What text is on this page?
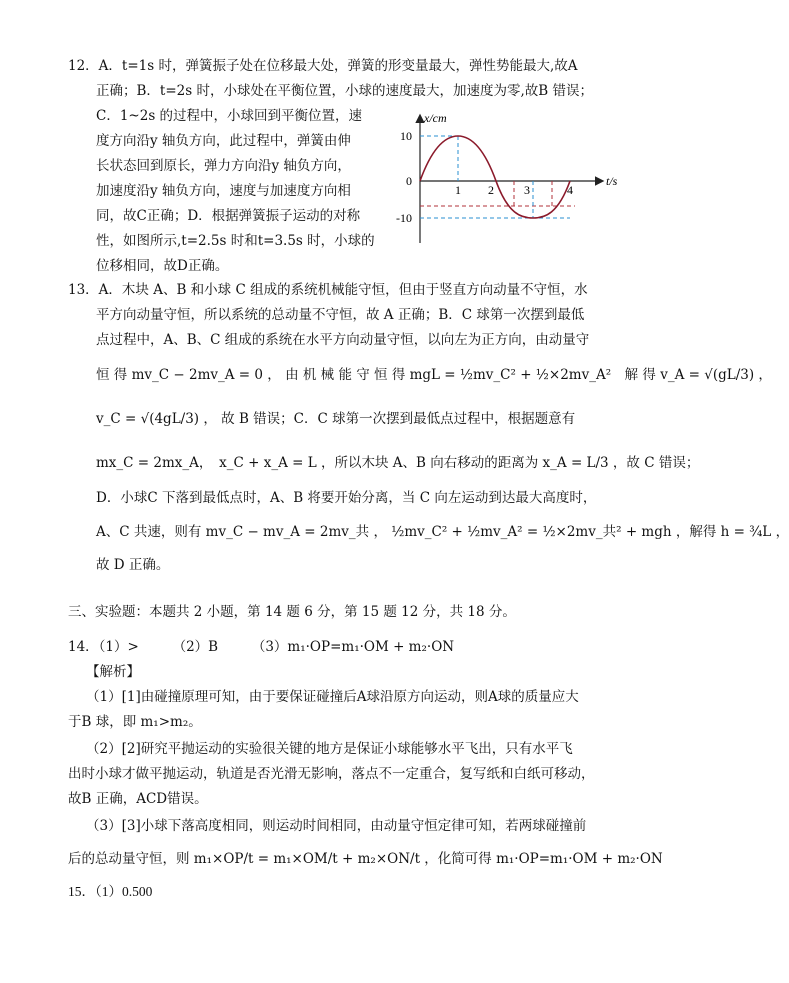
12．A．t=1s 时，弹簧振子处在位移最大处，弹簧的形变量最大，弹性势能最大,故A
正确；B．t=2s 时，小球处在平衡位置，小球的速度最大，加速度为零,故B 错误；
C．1~2s 的过程中，小球回到平衡位置，速
度方向沿y 轴负方向，此过程中，弹簧由伸
长状态回到原长，弹力方向沿y 轴负方向，
加速度沿y 轴负方向，速度与加速度方向相
同，故C正确；D．根据弹簧振子运动的对称
性，如图所示,t=2.5s 时和t=3.5s 时，小球的
位移相同，故D正确。
x/cm
t/s
10
0
-10
1 2	3	4
13．A．木块 A、B 和小球 C 组成的系统机械能守恒，但由于竖直方向动量不守恒，水
平方向动量守恒，所以系统的总动量不守恒，故 A 正确；B．C 球第一次摆到最低
点过程中，A、B、C 组成的系统在水平方向动量守恒，以向左为正方向，由动量守
恒 得 mv_C − 2mv_A = 0 ， 由 机 械 能 守 恒 得 mgL = ½mv_C² + ½×2mv_A²　解 得 v_A = √(gL/3) ，
v_C = √(4gL/3) ， 故 B 错误；C．C 球第一次摆到最低点过程中，根据题意有
mx_C = 2mx_A，　x_C + x_A = L ，所以木块 A、B 向右移动的距离为 x_A = L/3 ，故 C 错误；
D．小球C 下落到最低点时，A、B 将要开始分离，当 C 向左运动到达最大高度时，
A、C 共速，则有 mv_C − mv_A = 2mv_共 ， ½mv_C² + ½mv_A² = ½×2mv_共² + mgh ，解得 h = ¾L ，
故 D 正确。
三、实验题：本题共 2 小题，第 14 题 6 分，第 15 题 12 分，共 18 分。
14．（1）>　　　（2）B　　　（3）m₁·OP=m₁·OM + m₂·ON
【解析】
（1）[1]由碰撞原理可知，由于要保证碰撞后A球沿原方向运动，则A球的质量应大
于B 球，即 m₁>m₂。
（2）[2]研究平抛运动的实验很关键的地方是保证小球能够水平飞出，只有水平飞
出时小球才做平抛运动，轨道是否光滑无影响，落点不一定重合，复写纸和白纸可移动，
故B 正确，ACD错误。
（3）[3]小球下落高度相同，则运动时间相同，由动量守恒定律可知，若两球碰撞前
后的总动量守恒，则 m₁×OP/t = m₁×OM/t + m₂×ON/t ，化简可得 m₁·OP=m₁·OM + m₂·ON
15．（1）0.500
